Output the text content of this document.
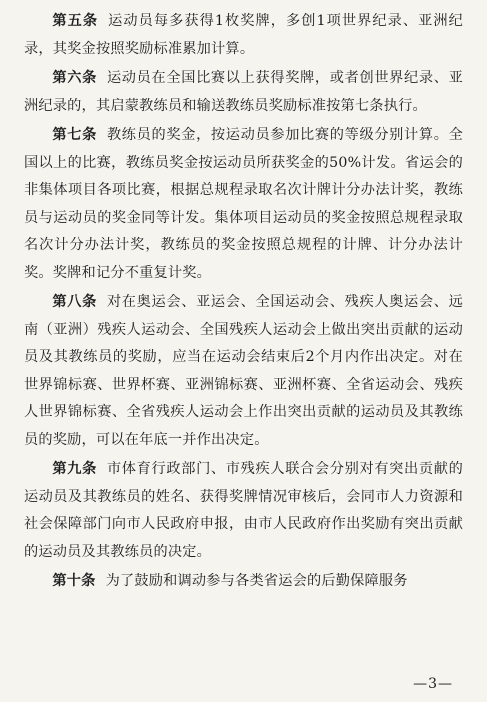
第五条 运动员每多获得1枚奖牌，多创1项世界纪录、亚洲纪录，其奖金按照奖励标准累加计算。

第六条 运动员在全国比赛以上获得奖牌，或者创世界纪录、亚洲纪录的，其启蒙教练员和输送教练员奖励标准按第七条执行。

第七条 教练员的奖金，按运动员参加比赛的等级分别计算。全国以上的比赛，教练员奖金按运动员所获奖金的50%计发。省运会的非集体项目各项比赛，根据总规程录取名次计牌计分办法计奖，教练员与运动员的奖金同等计发。集体项目运动员的奖金按照总规程录取名次计分办法计奖，教练员的奖金按照总规程的计牌、计分办法计奖。奖牌和记分不重复计奖。

第八条 对在奥运会、亚运会、全国运动会、残疾人奥运会、远南（亚洲）残疾人运动会、全国残疾人运动会上做出突出贡献的运动员及其教练员的奖励，应当在运动会结束后2个月内作出决定。对在世界锦标赛、世界杯赛、亚洲锦标赛、亚洲杯赛、全省运动会、残疾人世界锦标赛、全省残疾人运动会上作出突出贡献的运动员及其教练员的奖励，可以在年底一并作出决定。

第九条 市体育行政部门、市残疾人联合会分别对有突出贡献的运动员及其教练员的姓名、获得奖牌情况审核后，会同市人力资源和社会保障部门向市人民政府申报，由市人民政府作出奖励有突出贡献的运动员及其教练员的决定。

第十条 为了鼓励和调动参与各类省运会的后勤保障服务

—3—
